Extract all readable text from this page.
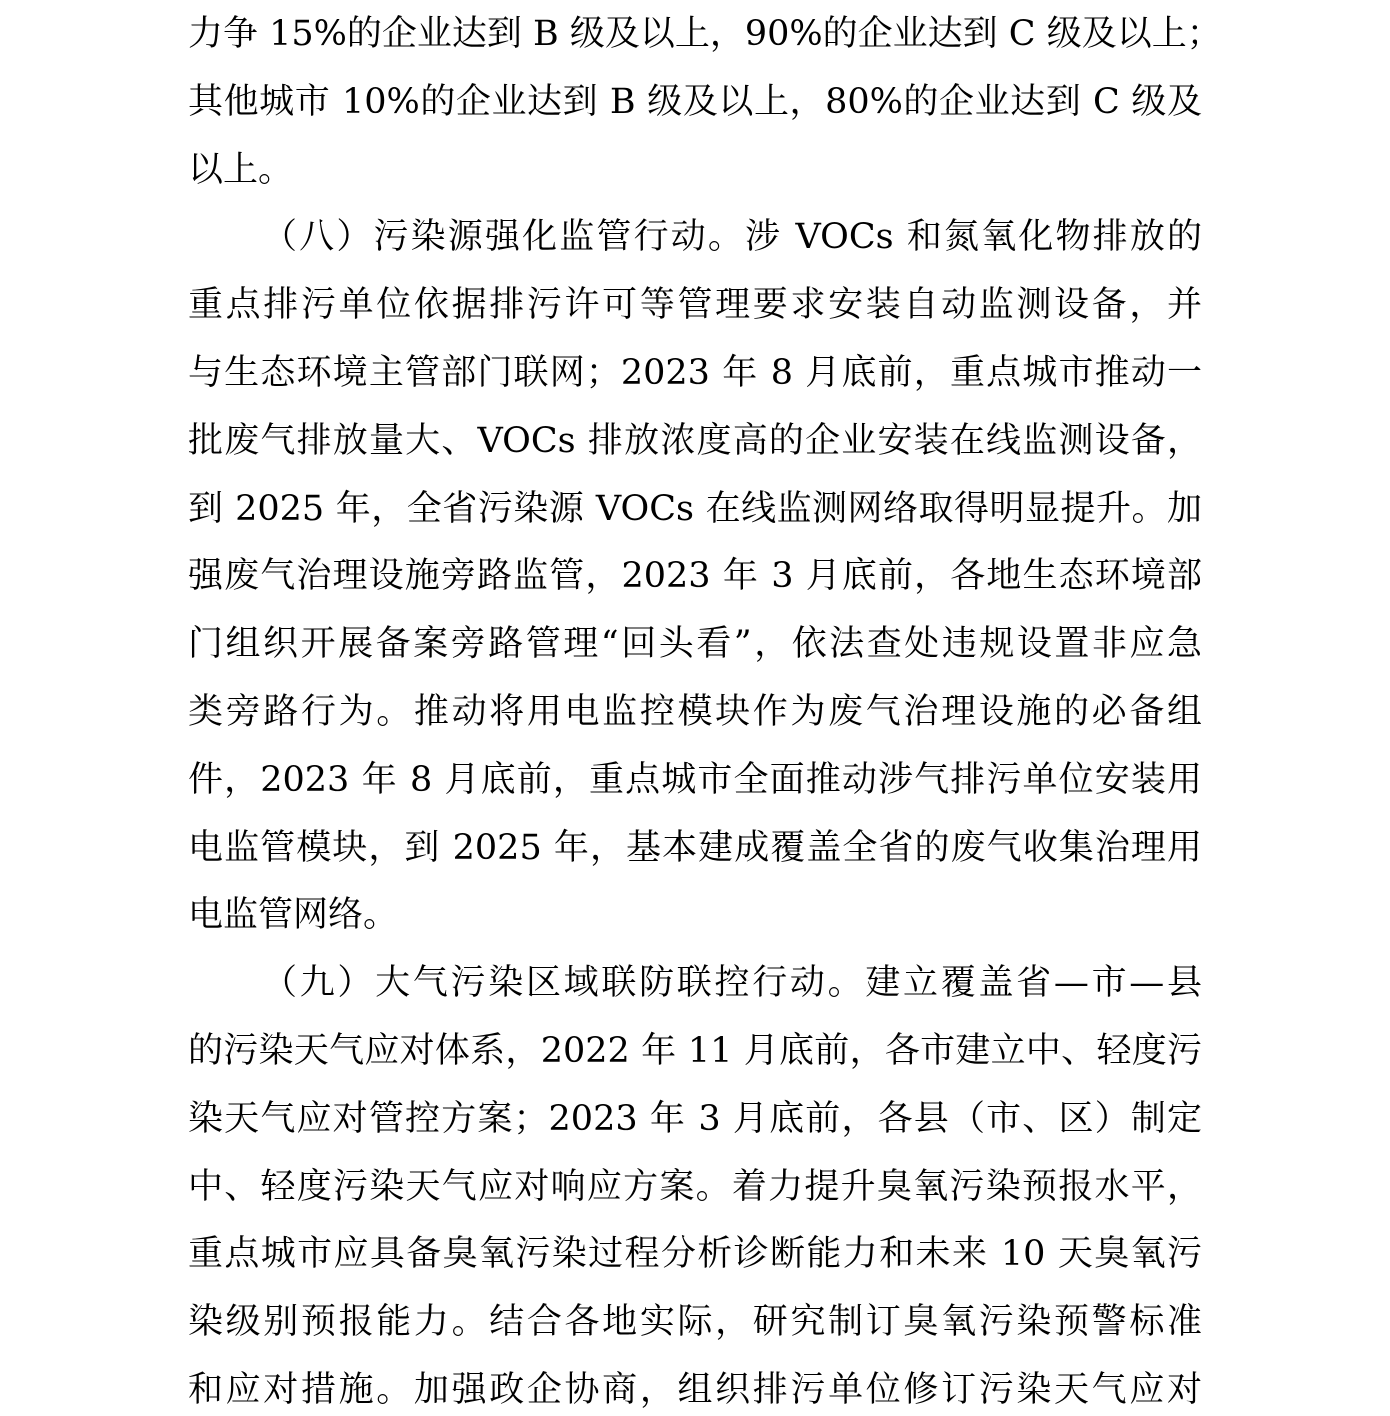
力争 15%的企业达到 B 级及以上，90%的企业达到 C 级及以上；
其他城市 10%的企业达到 B 级及以上，80%的企业达到 C 级及
以上。
（八）污染源强化监管行动。涉 VOCs 和氮氧化物排放的
重点排污单位依据排污许可等管理要求安装自动监测设备，并
与生态环境主管部门联网；2023 年 8 月底前，重点城市推动一
批废气排放量大、VOCs 排放浓度高的企业安装在线监测设备，
到 2025 年，全省污染源 VOCs 在线监测网络取得明显提升。加
强废气治理设施旁路监管，2023 年 3 月底前，各地生态环境部
门组织开展备案旁路管理“回头看”，依法查处违规设置非应急
类旁路行为。推动将用电监控模块作为废气治理设施的必备组
件，2023 年 8 月底前，重点城市全面推动涉气排污单位安装用
电监管模块，到 2025 年，基本建成覆盖全省的废气收集治理用
电监管网络。
（九）大气污染区域联防联控行动。建立覆盖省—市—县
的污染天气应对体系，2022 年 11 月底前，各市建立中、轻度污
染天气应对管控方案；2023 年 3 月底前，各县（市、区）制定
中、轻度污染天气应对响应方案。着力提升臭氧污染预报水平，
重点城市应具备臭氧污染过程分析诊断能力和未来 10 天臭氧污
染级别预报能力。结合各地实际，研究制订臭氧污染预警标准
和应对措施。加强政企协商，组织排污单位修订污染天气应对
